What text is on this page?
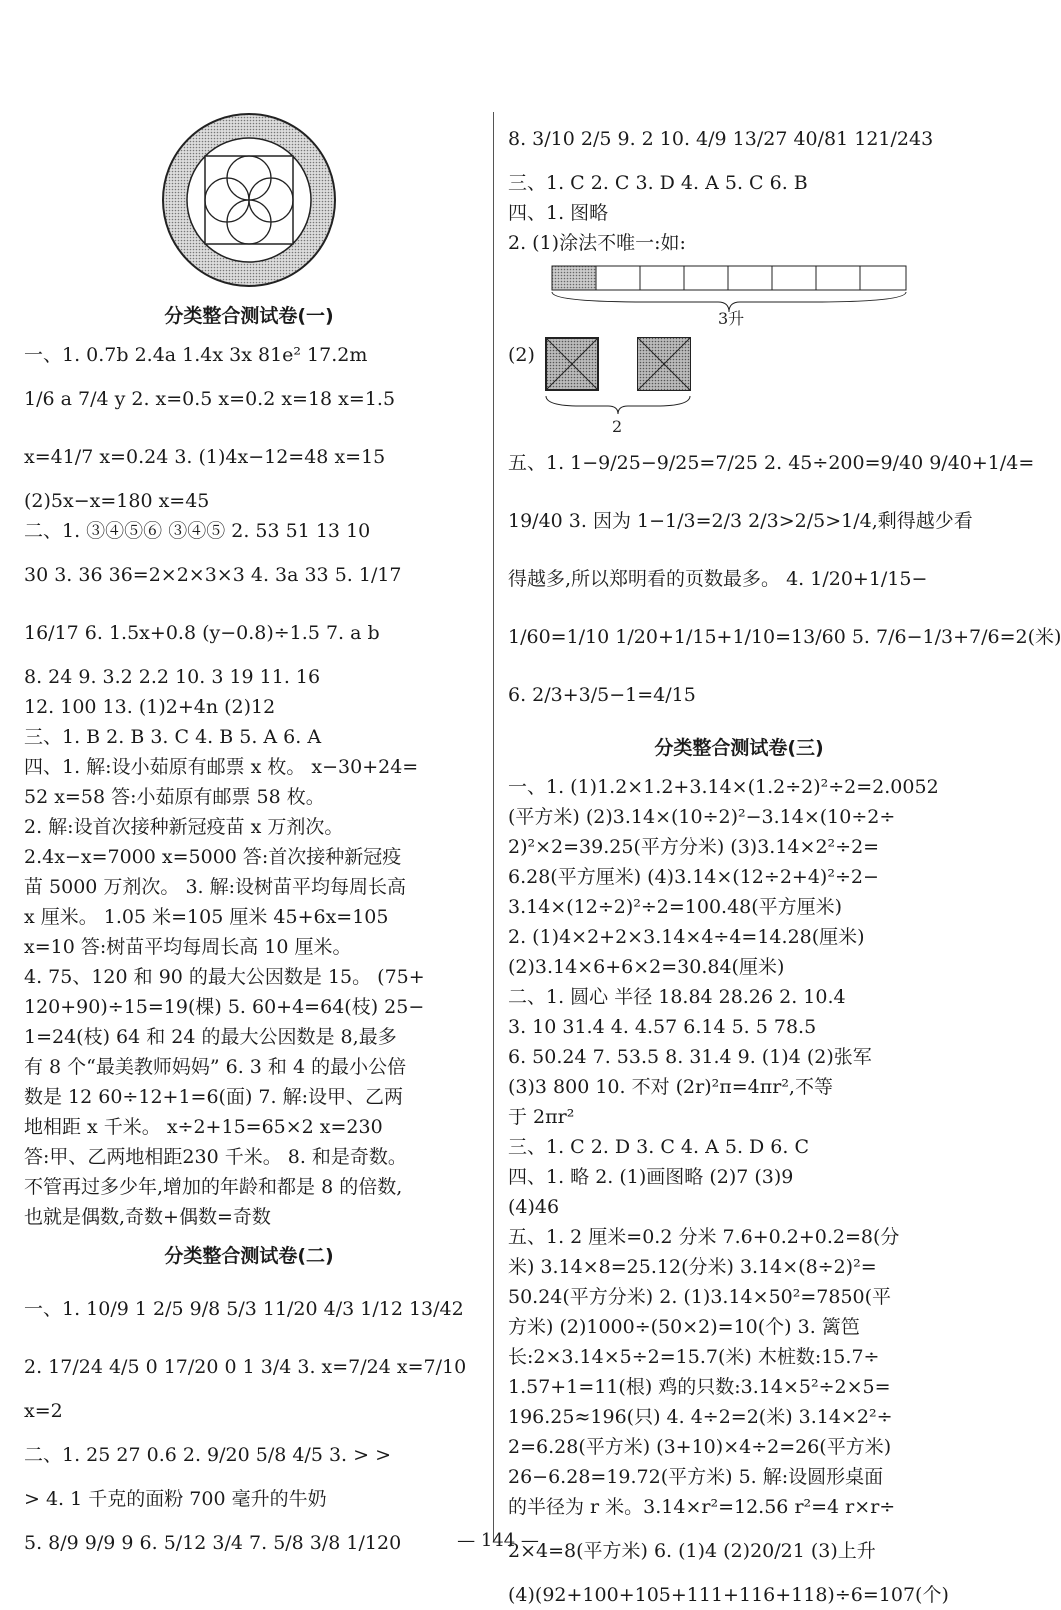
分类整合测试卷(一)
一、1. 0.7b 2.4a 1.4x 3x 81e² 17.2m
1/6 a 7/4 y 2. x=0.5 x=0.2 x=18 x=1.5
x=41/7 x=0.24 3. (1)4x−12=48 x=15
(2)5x−x=180 x=45
二、1. ③④⑤⑥ ③④⑤ 2. 53 51 13 10
30 3. 36 36=2×2×3×3 4. 3a 33 5. 1/17
16/17 6. 1.5x+0.8 (y−0.8)÷1.5 7. a b
8. 24 9. 3.2 2.2 10. 3 19 11. 16
12. 100 13. (1)2+4n (2)12
三、1. B 2. B 3. C 4. B 5. A 6. A
四、1. 解:设小茹原有邮票 x 枚。 x−30+24=
52 x=58 答:小茹原有邮票 58 枚。
2. 解:设首次接种新冠疫苗 x 万剂次。
2.4x−x=7000 x=5000 答:首次接种新冠疫
苗 5000 万剂次。 3. 解:设树苗平均每周长高
x 厘米。 1.05 米=105 厘米 45+6x=105
x=10 答:树苗平均每周长高 10 厘米。
4. 75、120 和 90 的最大公因数是 15。 (75+
120+90)÷15=19(棵) 5. 60+4=64(枝) 25−
1=24(枝) 64 和 24 的最大公因数是 8,最多
有 8 个“最美教师妈妈” 6. 3 和 4 的最小公倍
数是 12 60÷12+1=6(面) 7. 解:设甲、乙两
地相距 x 千米。 x÷2+15=65×2 x=230
答:甲、乙两地相距230 千米。 8. 和是奇数。
不管再过多少年,增加的年龄和都是 8 的倍数,
也就是偶数,奇数+偶数=奇数
分类整合测试卷(二)
一、1. 10/9 1 2/5 9/8 5/3 11/20 4/3 1/12 13/42
2. 17/24 4/5 0 17/20 0 1 3/4 3. x=7/24 x=7/10
x=2
二、1. 25 27 0.6 2. 9/20 5/8 4/5 3. > >
> 4. 1 千克的面粉 700 毫升的牛奶
5. 8/9 9/9 9 6. 5/12 3/4 7. 5/8 3/8 1/120
8. 3/10 2/5 9. 2 10. 4/9 13/27 40/81 121/243
三、1. C 2. C 3. D 4. A 5. C 6. B
四、1. 图略
2. (1)涂法不唯一:如:
3升
(2)
2
五、1. 1−9/25−9/25=7/25 2. 45÷200=9/40 9/40+1/4=
19/40 3. 因为 1−1/3=2/3 2/3>2/5>1/4,剩得越少看
得越多,所以郑明看的页数最多。 4. 1/20+1/15−
1/60=1/10 1/20+1/15+1/10=13/60 5. 7/6−1/3+7/6=2(米)
6. 2/3+3/5−1=4/15
分类整合测试卷(三)
一、1. (1)1.2×1.2+3.14×(1.2÷2)²÷2=2.0052
(平方米) (2)3.14×(10÷2)²−3.14×(10÷2÷
2)²×2=39.25(平方分米) (3)3.14×2²÷2=
6.28(平方厘米) (4)3.14×(12÷2+4)²÷2−
3.14×(12÷2)²÷2=100.48(平方厘米)
2. (1)4×2+2×3.14×4÷4=14.28(厘米)
(2)3.14×6+6×2=30.84(厘米)
二、1. 圆心 半径 18.84 28.26 2. 10.4
3. 10 31.4 4. 4.57 6.14 5. 5 78.5
6. 50.24 7. 53.5 8. 31.4 9. (1)4 (2)张军
(3)3 800 10. 不对 (2r)²π=4πr²,不等
于 2πr²
三、1. C 2. D 3. C 4. A 5. D 6. C
四、1. 略 2. (1)画图略 (2)7 (3)9
(4)46
五、1. 2 厘米=0.2 分米 7.6+0.2+0.2=8(分
米) 3.14×8=25.12(分米) 3.14×(8÷2)²=
50.24(平方分米) 2. (1)3.14×50²=7850(平
方米) (2)1000÷(50×2)=10(个) 3. 篱笆
长:2×3.14×5÷2=15.7(米) 木桩数:15.7÷
1.57+1=11(根) 鸡的只数:3.14×5²÷2×5=
196.25≈196(只) 4. 4÷2=2(米) 3.14×2²÷
2=6.28(平方米) (3+10)×4÷2=26(平方米)
26−6.28=19.72(平方米) 5. 解:设圆形桌面
的半径为 r 米。3.14×r²=12.56 r²=4 r×r÷
2×4=8(平方米) 6. (1)4 (2)20/21 (3)上升
(4)(92+100+105+111+116+118)÷6=107(个)
— 144 —
